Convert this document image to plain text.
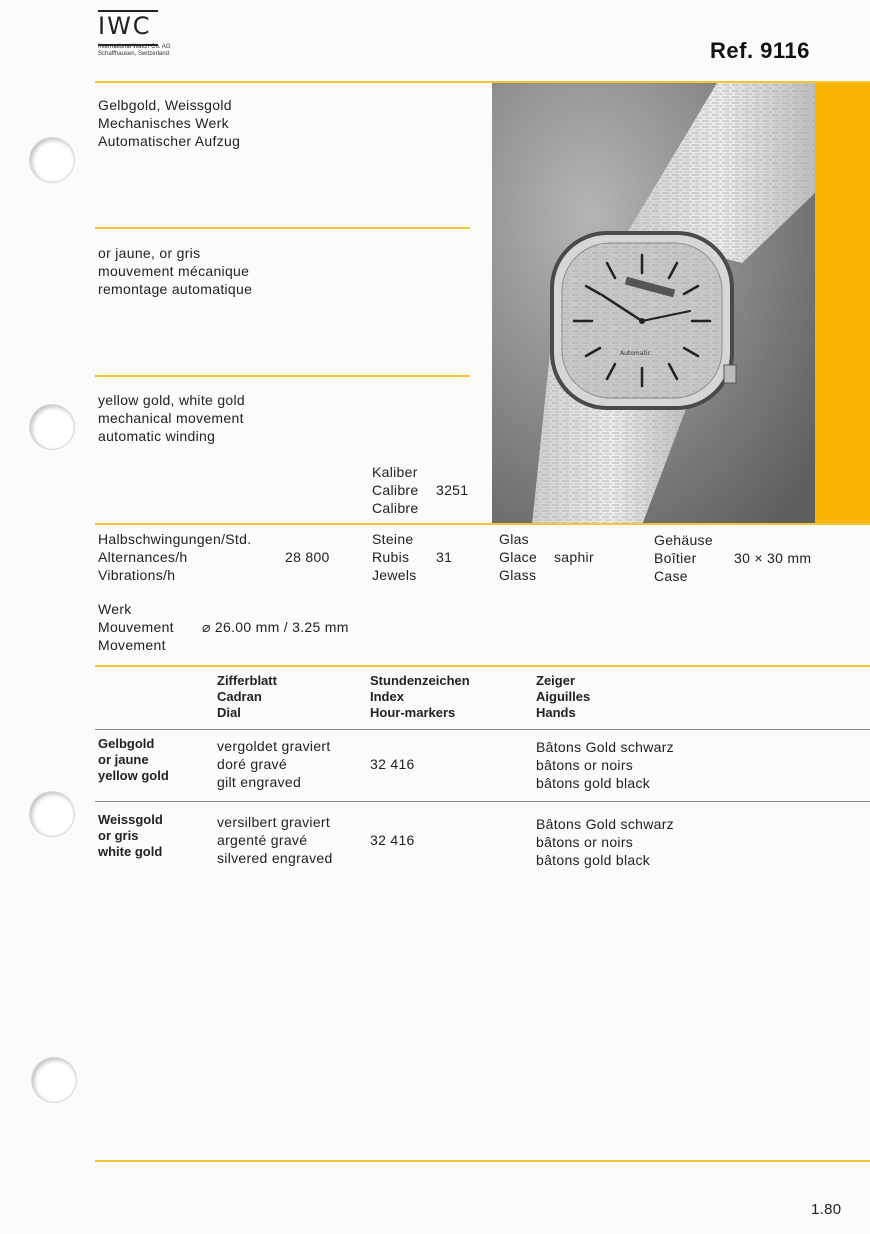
IWC
International Watch Co. AG
Schaffhausen, Switzerland	Ref. 9116
Gelbgold, Weissgold
Mechanisches Werk
Automatischer Aufzug
or jaune, or gris
mouvement mécanique
remontage automatique
yellow gold, white gold
mechanical movement
automatic winding
Automatic
Kaliber
Calibre
Calibre
3251
Halbschwingungen/Std.
Alternances/h
Vibrations/h
28 800
Steine
Rubis
Jewels
31
Glas
Glace
Glass
saphir
Gehäuse
Boîtier
Case
30 × 30 mm
Werk
Mouvement
Movement
⌀ 26.00 mm / 3.25 mm
Zifferblatt
Cadran
Dial
Stundenzeichen
Index
Hour-markers
Zeiger
Aiguilles
Hands
Gelbgold
or jaune
yellow gold
vergoldet graviert
doré gravé
gilt engraved
32 416
Bâtons Gold schwarz
bâtons or noirs
bâtons gold black
Weissgold
or gris
white gold
versilbert graviert
argenté gravé
silvered engraved
32 416
Bâtons Gold schwarz
bâtons or noirs
bâtons gold black
1.80
